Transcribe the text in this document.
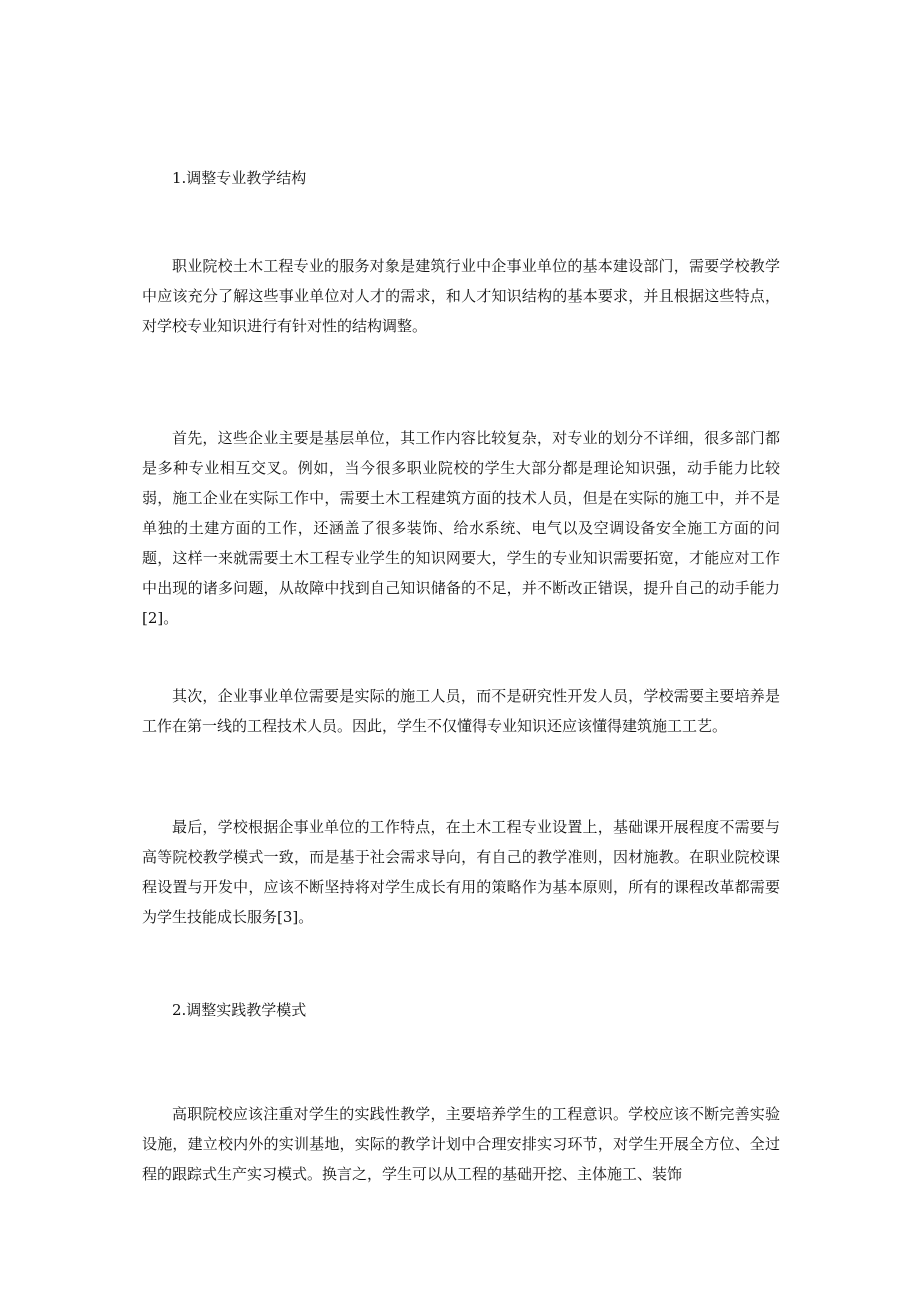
1.调整专业教学结构

职业院校土木工程专业的服务对象是建筑行业中企事业单位的基本建设部门，需要学校教学中应该充分了解这些事业单位对人才的需求，和人才知识结构的基本要求，并且根据这些特点，对学校专业知识进行有针对性的结构调整。

首先，这些企业主要是基层单位，其工作内容比较复杂，对专业的划分不详细，很多部门都是多种专业相互交叉。例如，当今很多职业院校的学生大部分都是理论知识强，动手能力比较弱，施工企业在实际工作中，需要土木工程建筑方面的技术人员，但是在实际的施工中，并不是单独的土建方面的工作，还涵盖了很多装饰、给水系统、电气以及空调设备安全施工方面的问题，这样一来就需要土木工程专业学生的知识网要大，学生的专业知识需要拓宽，才能应对工作中出现的诸多问题，从故障中找到自己知识储备的不足，并不断改正错误，提升自己的动手能力[2]。

其次，企业事业单位需要是实际的施工人员，而不是研究性开发人员，学校需要主要培养是工作在第一线的工程技术人员。因此，学生不仅懂得专业知识还应该懂得建筑施工工艺。

最后，学校根据企事业单位的工作特点，在土木工程专业设置上，基础课开展程度不需要与高等院校教学模式一致，而是基于社会需求导向，有自己的教学准则，因材施教。在职业院校课程设置与开发中，应该不断坚持将对学生成长有用的策略作为基本原则，所有的课程改革都需要为学生技能成长服务[3]。

2.调整实践教学模式

高职院校应该注重对学生的实践性教学，主要培养学生的工程意识。学校应该不断完善实验设施，建立校内外的实训基地，实际的教学计划中合理安排实习环节，对学生开展全方位、全过程的跟踪式生产实习模式。换言之，学生可以从工程的基础开挖、主体施工、装饰
